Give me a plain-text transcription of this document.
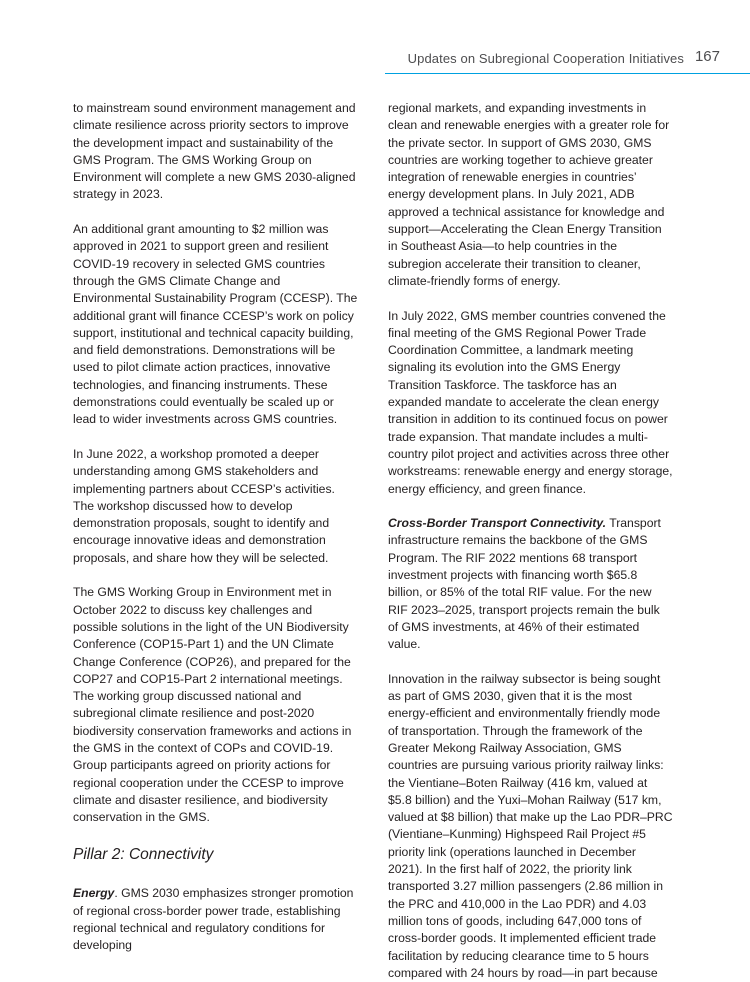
Updates on Subregional Cooperation Initiatives 167

to mainstream sound environment management and climate resilience across priority sectors to improve the development impact and sustainability of the GMS Program. The GMS Working Group on Environment will complete a new GMS 2030-aligned strategy in 2023.

An additional grant amounting to $2 million was approved in 2021 to support green and resilient COVID-19 recovery in selected GMS countries through the GMS Climate Change and Environmental Sustainability Program (CCESP). The additional grant will finance CCESP’s work on policy support, institutional and technical capacity building, and field demonstrations. Demonstrations will be used to pilot climate action practices, innovative technologies, and financing instruments. These demonstrations could eventually be scaled up or lead to wider investments across GMS countries.

In June 2022, a workshop promoted a deeper understanding among GMS stakeholders and implementing partners about CCESP’s activities. The workshop discussed how to develop demonstration proposals, sought to identify and encourage innovative ideas and demonstration proposals, and share how they will be selected.

The GMS Working Group in Environment met in October 2022 to discuss key challenges and possible solutions in the light of the UN Biodiversity Conference (COP15-Part 1) and the UN Climate Change Conference (COP26), and prepared for the COP27 and COP15-Part 2 international meetings. The working group discussed national and subregional climate resilience and post-2020 biodiversity conservation frameworks and actions in the GMS in the context of COPs and COVID-19. Group participants agreed on priority actions for regional cooperation under the CCESP to improve climate and disaster resilience, and biodiversity conservation in the GMS.

Pillar 2: Connectivity

Energy. GMS 2030 emphasizes stronger promotion of regional cross-border power trade, establishing regional technical and regulatory conditions for developing

regional markets, and expanding investments in clean and renewable energies with a greater role for the private sector. In support of GMS 2030, GMS countries are working together to achieve greater integration of renewable energies in countries’ energy development plans. In July 2021, ADB approved a technical assistance for knowledge and support—Accelerating the Clean Energy Transition in Southeast Asia—to help countries in the subregion accelerate their transition to cleaner, climate-friendly forms of energy.

In July 2022, GMS member countries convened the final meeting of the GMS Regional Power Trade Coordination Committee, a landmark meeting signaling its evolution into the GMS Energy Transition Taskforce. The taskforce has an expanded mandate to accelerate the clean energy transition in addition to its continued focus on power trade expansion. That mandate includes a multi-country pilot project and activities across three other workstreams: renewable energy and energy storage, energy efficiency, and green finance.

Cross-Border Transport Connectivity. Transport infrastructure remains the backbone of the GMS Program. The RIF 2022 mentions 68 transport investment projects with financing worth $65.8 billion, or 85% of the total RIF value. For the new RIF 2023–2025, transport projects remain the bulk of GMS investments, at 46% of their estimated value.

Innovation in the railway subsector is being sought as part of GMS 2030, given that it is the most energy-efficient and environmentally friendly mode of transportation. Through the framework of the Greater Mekong Railway Association, GMS countries are pursuing various priority railway links: the Vientiane–Boten Railway (416 km, valued at $5.8 billion) and the Yuxi–Mohan Railway (517 km, valued at $8 billion) that make up the Lao PDR–PRC (Vientiane–Kunming) Highspeed Rail Project #5 priority link (operations launched in December 2021). In the first half of 2022, the priority link transported 3.27 million passengers (2.86 million in the PRC and 410,000 in the Lao PDR) and 4.03 million tons of goods, including 647,000 tons of cross-border goods. It implemented efficient trade facilitation by reducing clearance time to 5 hours compared with 24 hours by road—in part because
